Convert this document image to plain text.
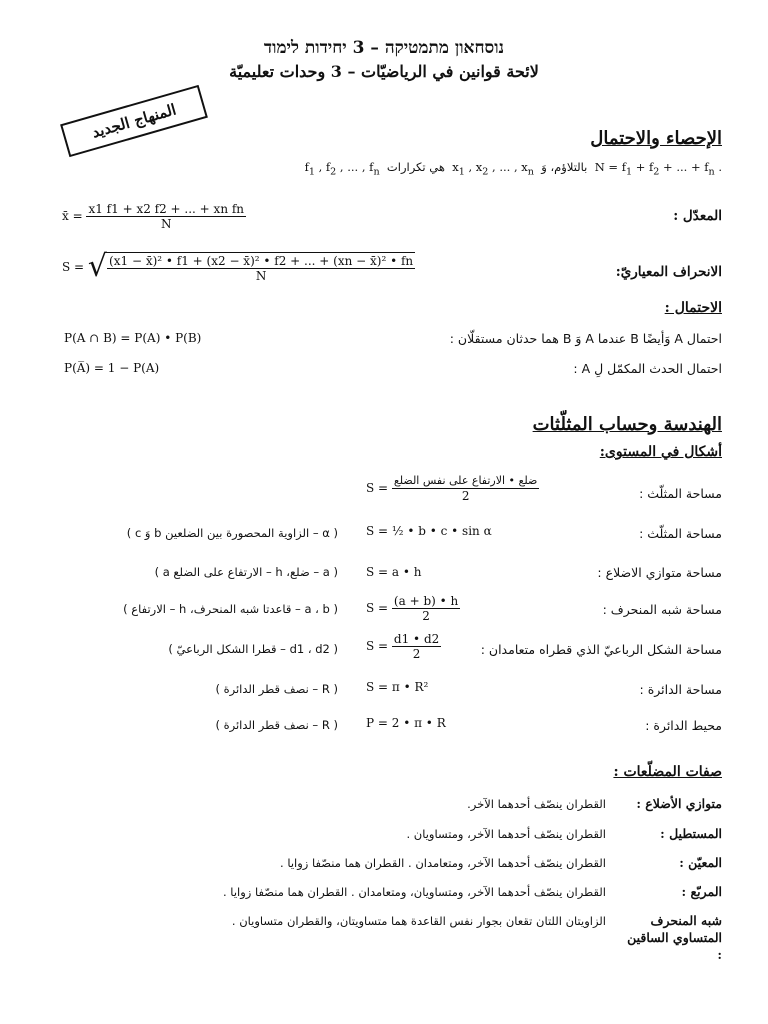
נוסחאון מתמטיקה – 3 יחידות לימוד
لائحة قوانين في الرياضيّات – 3 وحدات تعليميّة
المنهاج الجديد	الإحصاء والاحتمال
$f_1$ , $f_2$ , ... , $f_n$ هي تكرارات  $x_1$ , $x_2$ , ... , $x_n$ بالتلاؤم، وَ  $N = f_1 + f_2$ + ... + $f_n$ .
المعدّل :
x̄ = $\frac{\text{x1 f1 + x2 f2 + ... + xn fn}}{N}$
الانحراف المعياريّ:
S = √ $\frac{\text{(x1 − x̄)² • f1 + (x2 − x̄)² • f2 + ... + (xn − x̄)² • fn}}{N}$
الاحتمال :
احتمال A وَأيضًا B عندما A وَ B هما حدثان مستقلّان :
P(A ∩ B) = P(A) • P(B)
احتمال الحدث المكمّل لِ A :
P(A̅) = 1 − P(A)
الهندسة وحساب المثلّثات
أشكال في المستوى:
مساحة المثلّث :
$S = \frac{\text{ضلع • الارتفاع على نفس الضلع}}{2}$
مساحة المثلّث :
S = ½ • b • c • sin α
( α – الزاوية المحصورة بين الضلعين b وَ c )
مساحة متوازي الاضلاع :
S = a • h
( a – ضلع، h – الارتفاع على الضلع a )
مساحة شبه المنحرف :
$S = \frac{(a + b) • h}{2}$
( a ، b – قاعدتا شبه المنحرف، h – الارتفاع )
مساحة الشكل الرباعيّ الذي قطراه متعامدان :
$S = \frac{d1 • d2}{2}$
( d1 ، d2 – قطرا الشكل الرباعيّ )
مساحة الدائرة :
S = π • R²
( R – نصف قطر الدائرة )
محيط الدائرة :
P = 2 • π • R
( R – نصف قطر الدائرة )
صفات المضلّعات :
متوازي الأضلاع :
القطران ينصّف أحدهما الآخر.
المستطيل :
القطران ينصّف أحدهما الآخر، ومتساويان .
المعيّن :
القطران ينصّف أحدهما الآخر، ومتعامدان . القطران هما منصّفا زوايا .
المربّع :
القطران ينصّف أحدهما الآخر، ومتساويان، ومتعامدان . القطران هما منصّفا زوايا .
شبه المنحرف المتساوي الساقين :
الزاويتان اللتان تقعان بجوار نفس القاعدة هما متساويتان، والقطران متساويان .
